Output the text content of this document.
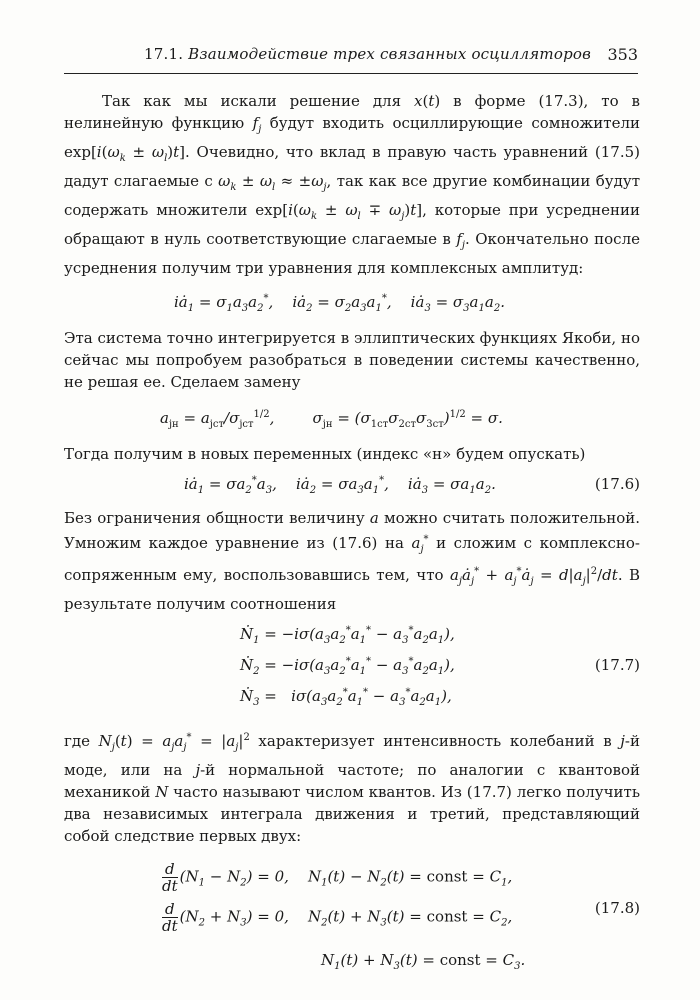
17.1. Взаимодействие трех связанных осцилляторов 353

Так как мы искали решение для x(t) в форме (17.3), то в нелинейную функцию $f_j$ будут входить осциллирующие сомножители $\exp[i(\omega_k \pm \omega_l)t]$. Очевидно, что вклад в правую часть уравнений (17.5) дадут слагаемые с $\omega_k \pm \omega_l \approx \pm\omega_j$, так как все другие комбинации будут содержать множители $\exp[i(\omega_k \pm \omega_l \mp \omega_j)t]$, которые при усреднении обращают в нуль соответствующие слагаемые в $f_j$. Окончательно после усреднения получим три уравнения для комплексных амплитуд:

$iȧ_1 = \sigma_1a_3a_2^*$,    $iȧ_2 = \sigma_2a_3a_1^*$,    $iȧ_3 = \sigma_3a_1a_2$.

Эта система точно интегрируется в эллиптических функциях Якоби, но сейчас мы попробуем разобраться в поведении системы качественно, не решая ее. Сделаем замену

$a_{jн} = a_{jст}/\sigma_{jст}^{1/2}$,        $\sigma_{jн} = (\sigma_{1ст}\sigma_{2ст}\sigma_{3ст})^{1/2} = \sigma$.

Тогда получим в новых переменных (индекс «н» будем опускать)

$iȧ_1 = \sigma a_2^*a_3$,    $iȧ_2 = \sigma a_3a_1^*$,    $iȧ_3 = \sigma a_1a_2$.	(17.6)

Без ограничения общности величину a можно считать положительной. Умножим каждое уравнение из (17.6) на $a_j^*$ и сложим с комплексно-сопряженным ему, воспользовавшись тем, что $a_jȧ_j^*$ + $a_j^*ȧ_j = d|a_j|^2/dt$. В результате получим соотношения

Ṅ$_1$ = $-i\sigma(a_3a_2^*a_1^* - a_3^*a_2a_1)$,
Ṅ$_2$ = $-i\sigma(a_3a_2^*a_1^* - a_3^*a_2a_1)$,
Ṅ$_3$ =   $i\sigma(a_3a_2^*a_1^* - a_3^*a_2a_1)$,
(17.7)

где $N_j(t) = a_ja_j^* = |a_j|^2$ характеризует интенсивность колебаний в j-й моде, или на j-й нормальной частоте; по аналогии с квантовой механикой N часто называют числом квантов. Из (17.7) легко получить два независимых интеграла движения и третий, представляющий собой следствие первых двух:

$\frac{d}{dt} (N_1 - N_2) = 0$,    $N_1(t) - N_2(t)$ = const = $C_1$,
$\frac{d}{dt} (N_2 + N_3) = 0$,    $N_2(t) + N_3(t)$ = const = $C_2$,
$N_1(t) + N_3(t)$ = const = $C_3$.
(17.8)
